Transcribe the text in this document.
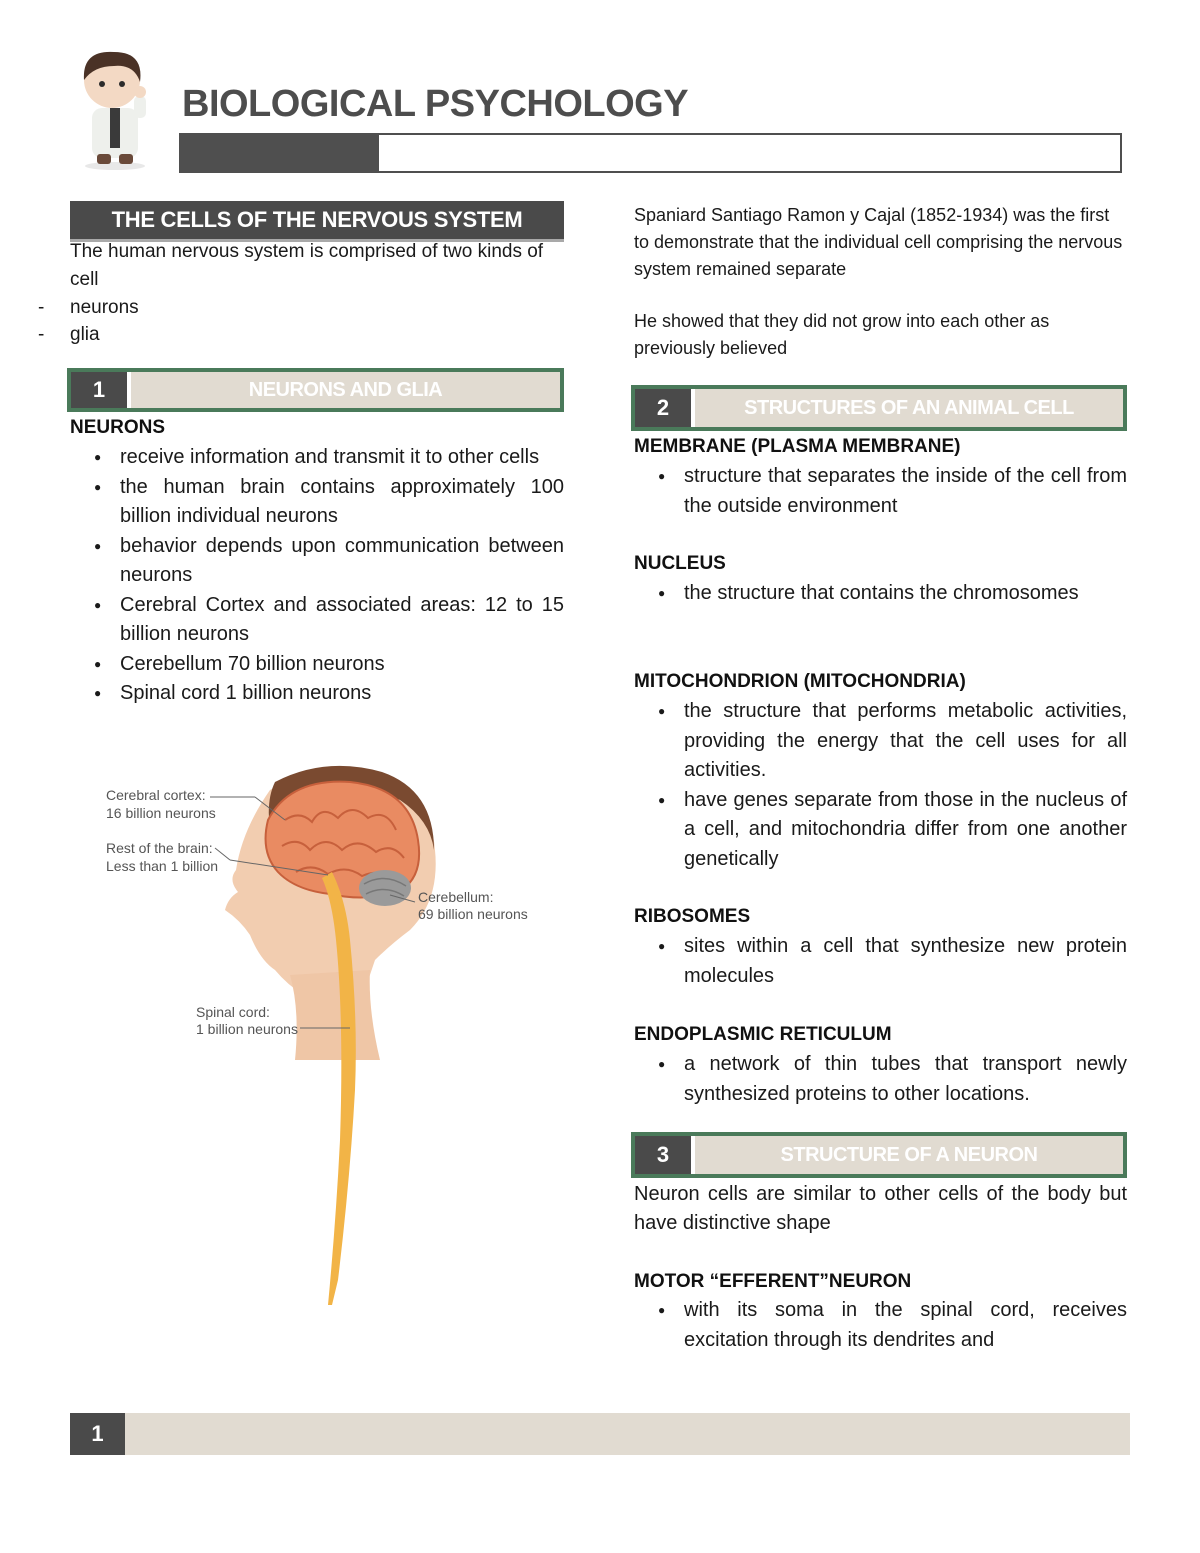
BIOLOGICAL PSYCHOLOGY
THE CELLS OF THE NERVOUS SYSTEM
The human nervous system is comprised of two kinds of cell
- neurons
- glia
1	NEURONS AND GLIA
NEURONS
● receive information and transmit it to other cells
● the human brain contains approximately 100 billion individual neurons
● behavior depends upon communication between neurons
● Cerebral Cortex and associated areas: 12 to 15 billion neurons
● Cerebellum 70 billion neurons
● Spinal cord 1 billion neurons
Cerebral cortex:
16 billion neurons
Rest of the brain:
Less than 1 billion
Cerebellum:
69 billion neurons
Spinal cord:
1 billion neurons
Spaniard Santiago Ramon y Cajal (1852-1934) was the first to demonstrate that the individual cell comprising the nervous system remained separate
He showed that they did not grow into each other as previously believed
2	STRUCTURES OF AN ANIMAL CELL
MEMBRANE (PLASMA MEMBRANE)
● structure that separates the inside of the cell from the outside environment
NUCLEUS
● the structure that contains the chromosomes
MITOCHONDRION (MITOCHONDRIA)
● the structure that performs metabolic activities, providing the energy that the cell uses for all activities.
● have genes separate from those in the nucleus of a cell, and mitochondria differ from one another genetically
RIBOSOMES
● sites within a cell that synthesize new protein molecules
ENDOPLASMIC RETICULUM
● a network of thin tubes that transport newly synthesized proteins to other locations.
3	STRUCTURE OF A NEURON
Neuron cells are similar to other cells of the body but have distinctive shape
MOTOR “EFFERENT”NEURON
● with its soma in the spinal cord, receives excitation through its dendrites and
1
